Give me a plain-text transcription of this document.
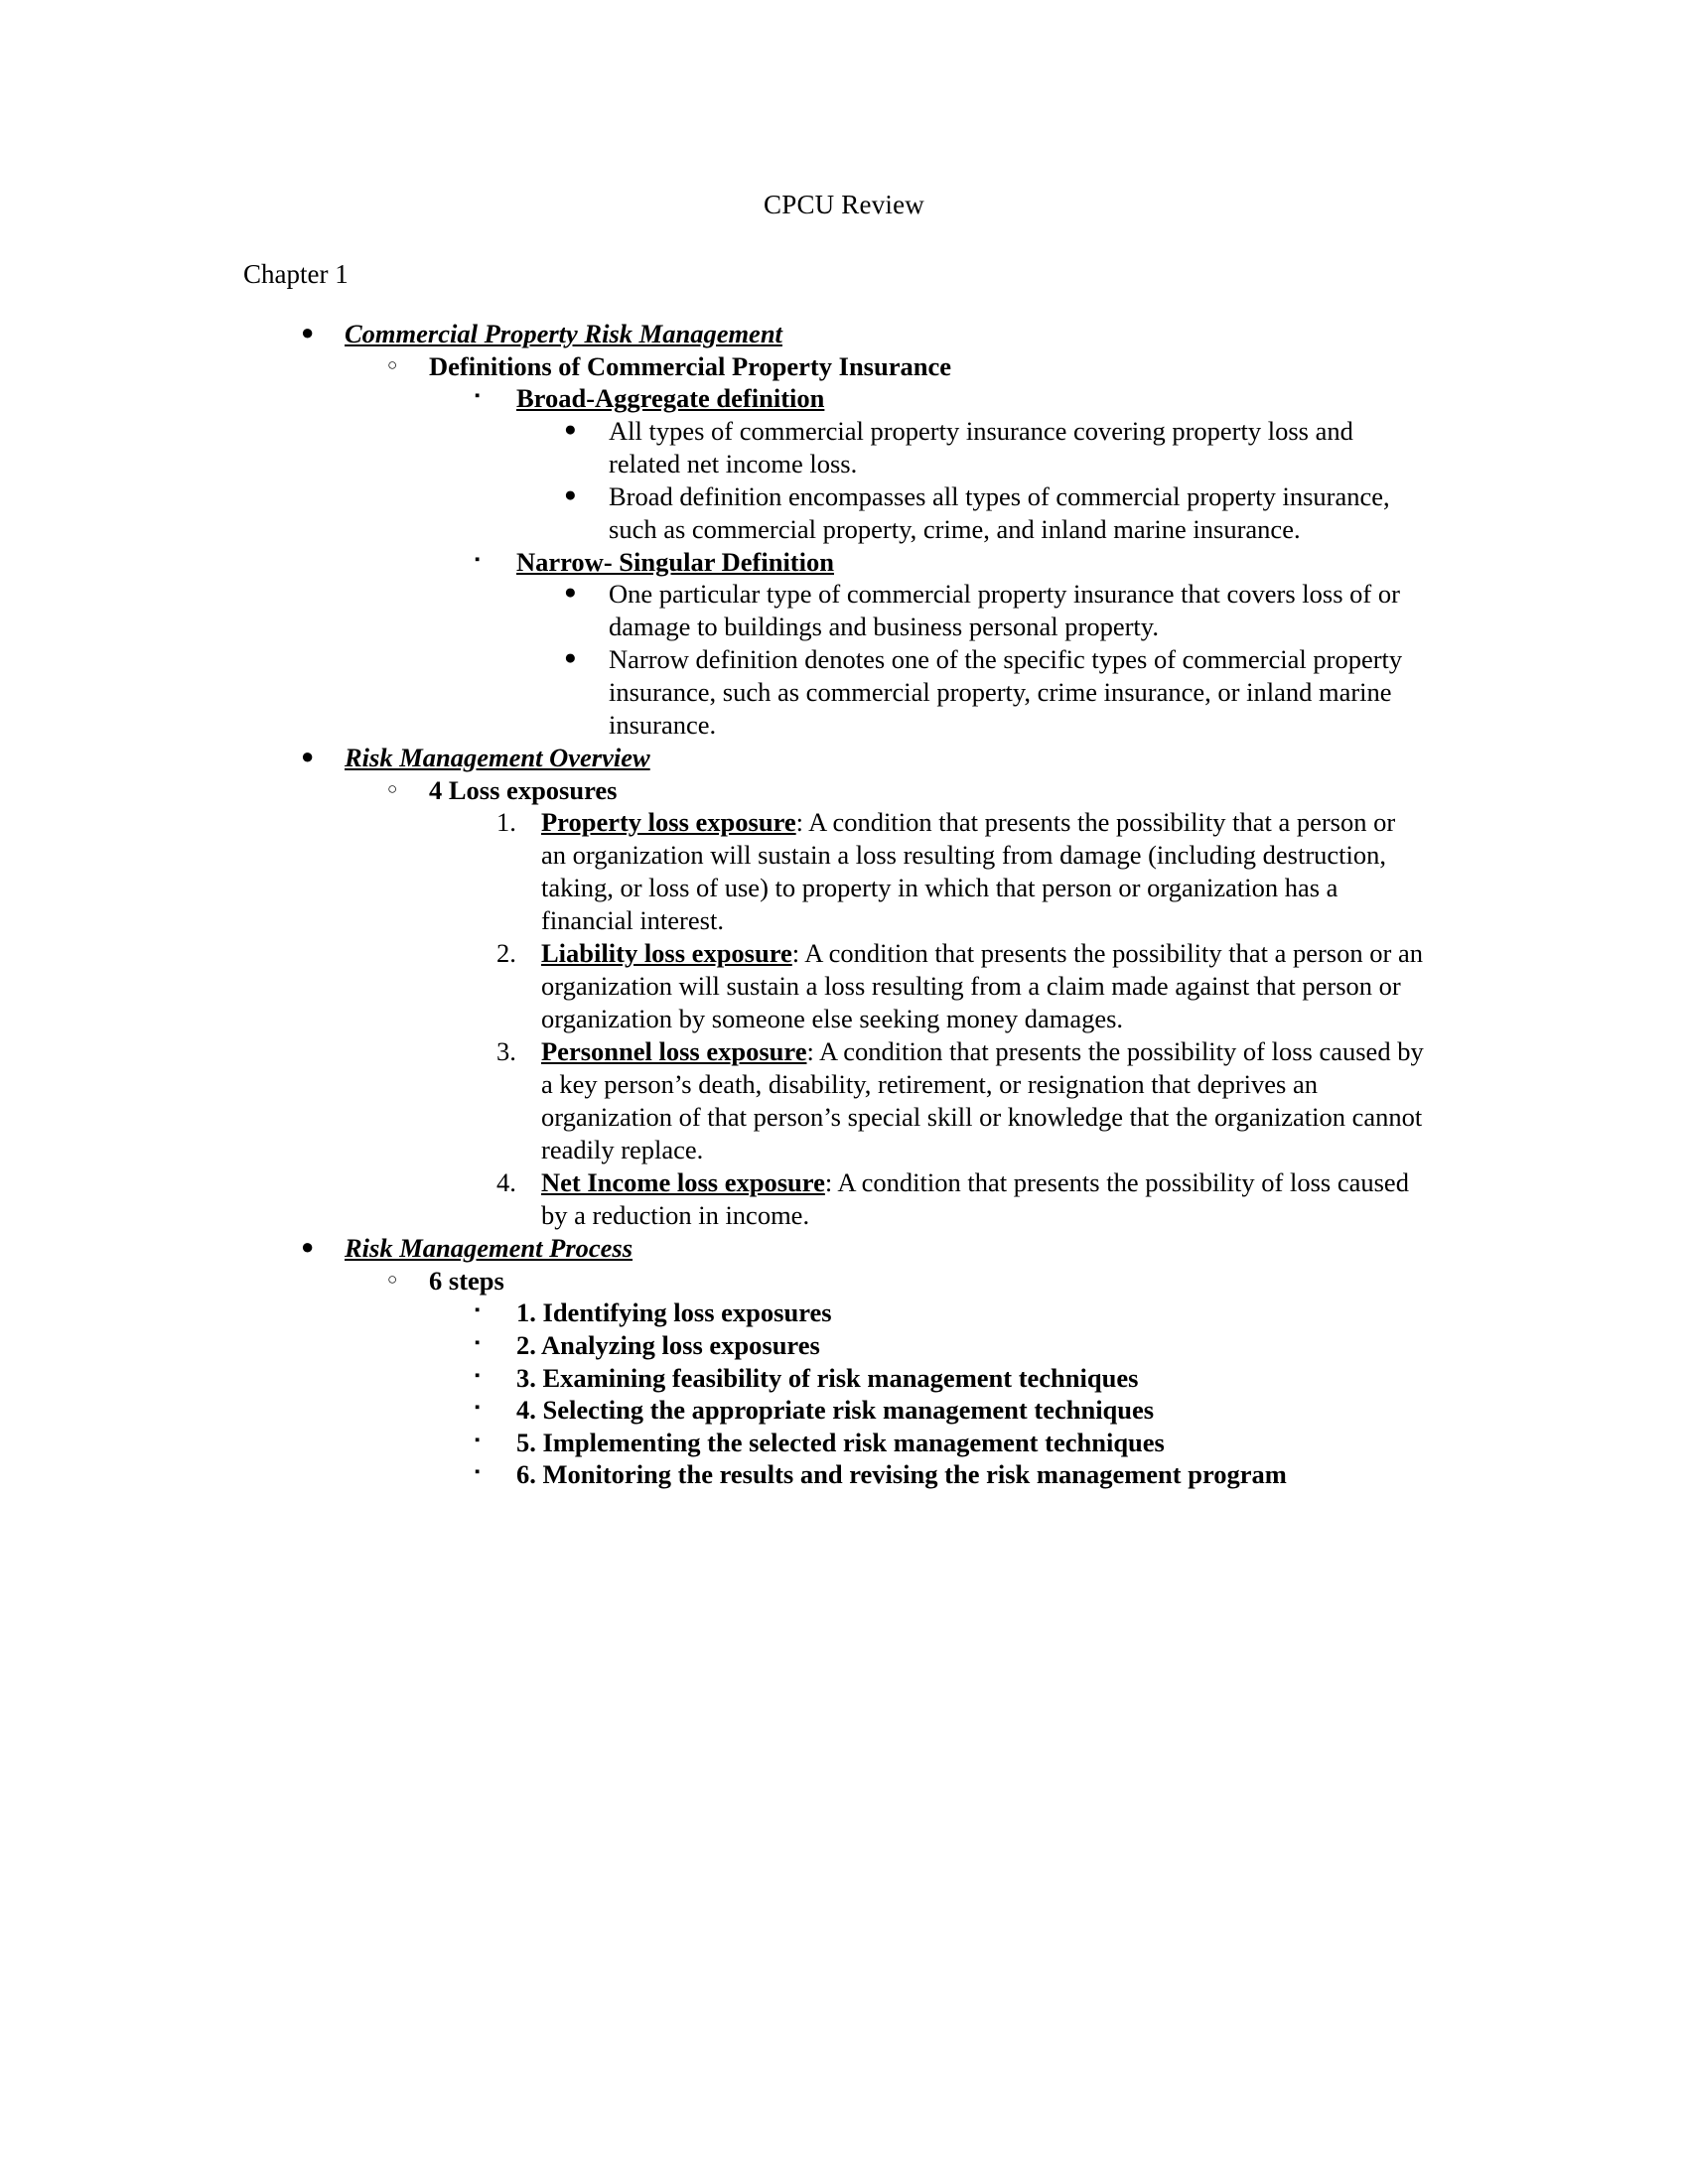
CPCU Review
Chapter 1
●	Commercial Property Risk Management
○	Definitions of Commercial Property Insurance
▪	Broad-Aggregate definition
●	All types of commercial property insurance covering property loss and related net income loss.
●	Broad definition encompasses all types of commercial property insurance, such as commercial property, crime, and inland marine insurance.
▪	Narrow- Singular Definition
●	One particular type of commercial property insurance that covers loss of or damage to buildings and business personal property.
●	Narrow definition denotes one of the specific types of commercial property insurance, such as commercial property, crime insurance, or inland marine insurance.
●	Risk Management Overview
○	4 Loss exposures
1. Property loss exposure: A condition that presents the possibility that a person or an organization will sustain a loss resulting from damage (including destruction, taking, or loss of use) to property in which that person or organization has a financial interest.
2. Liability loss exposure: A condition that presents the possibility that a person or an organization will sustain a loss resulting from a claim made against that person or organization by someone else seeking money damages.
3. Personnel loss exposure: A condition that presents the possibility of loss caused by a key person’s death, disability, retirement, or resignation that deprives an organization of that person’s special skill or knowledge that the organization cannot readily replace.
4. Net Income loss exposure: A condition that presents the possibility of loss caused by a reduction in income.
●	Risk Management Process
○	6 steps
▪	1. Identifying loss exposures
▪	2. Analyzing loss exposures
▪	3. Examining feasibility of risk management techniques
▪	4. Selecting the appropriate risk management techniques
▪	5. Implementing the selected risk management techniques
▪	6. Monitoring the results and revising the risk management program
